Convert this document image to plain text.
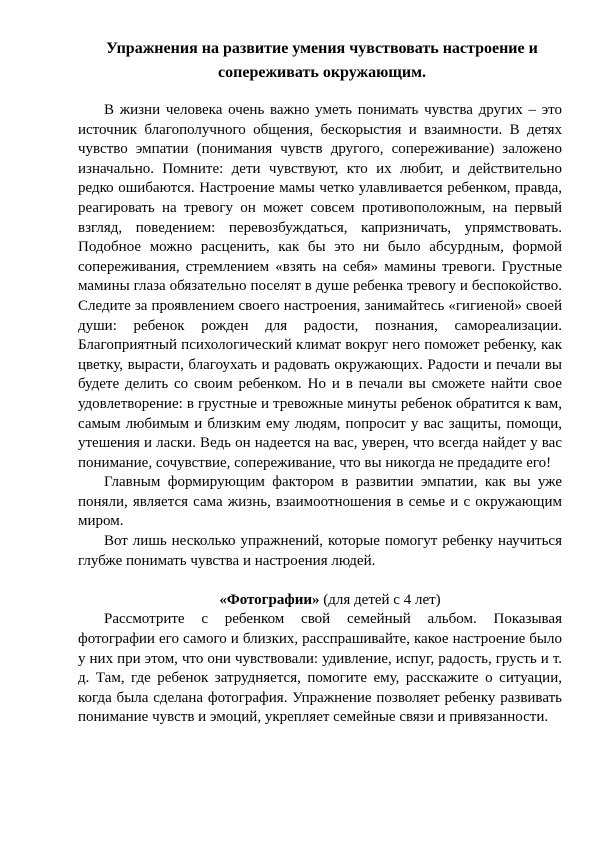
Упражнения на развитие умения чувствовать настроение и сопереживать окружающим.

В жизни человека очень важно уметь понимать чувства других – это источник благополучного общения, бескорыстия и взаимности. В детях чувство эмпатии (понимания чувств другого, сопереживание) заложено изначально. Помните: дети чувствуют, кто их любит, и действительно редко ошибаются. Настроение мамы четко улавливается ребенком, правда, реагировать на тревогу он может совсем противоположным, на первый взгляд, поведением: перевозбуждаться, капризничать, упрямствовать. Подобное можно расценить, как бы это ни было абсурдным, формой сопереживания, стремлением «взять на себя» мамины тревоги. Грустные мамины глаза обязательно поселят в душе ребенка тревогу и беспокойство. Следите за проявлением своего настроения, занимайтесь «гигиеной» своей души: ребенок рожден для радости, познания, самореализации. Благоприятный психологический климат вокруг него поможет ребенку, как цветку, вырасти, благоухать и радовать окружающих. Радости и печали вы будете делить со своим ребенком. Но и в печали вы сможете найти свое удовлетворение: в грустные и тревожные минуты ребенок обратится к вам, самым любимым и близким ему людям, попросит у вас защиты, помощи, утешения и ласки. Ведь он надеется на вас, уверен, что всегда найдет у вас понимание, сочувствие, сопереживание, что вы никогда не предадите его!

Главным формирующим фактором в развитии эмпатии, как вы уже поняли, является сама жизнь, взаимоотношения в семье и с окружающим миром.

Вот лишь несколько упражнений, которые помогут ребенку научиться глубже понимать чувства и настроения людей.

«Фотографии» (для детей с 4 лет)

Рассмотрите с ребенком свой семейный альбом. Показывая фотографии его самого и близких, расспрашивайте, какое настроение было у них при этом, что они чувствовали: удивление, испуг, радость, грусть и т. д. Там, где ребенок затрудняется, помогите ему, расскажите о ситуации, когда была сделана фотография. Упражнение позволяет ребенку развивать понимание чувств и эмоций, укрепляет семейные связи и привязанности.
